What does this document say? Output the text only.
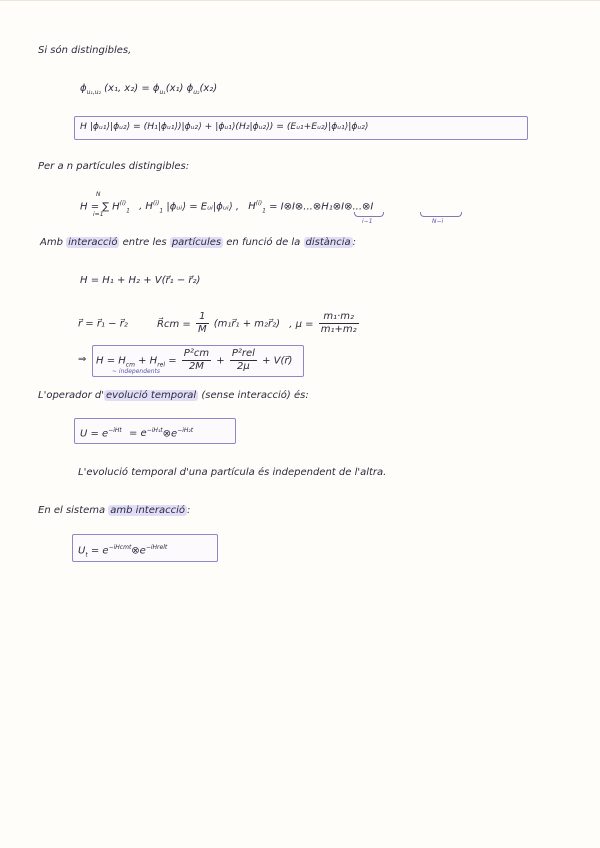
Si són distingibles,
$\phi_{u_1,u_2}$ (x₁, $x_2) = \phi_{u_1}(x_1)$ $\phi_{u_2}(x_2)$
H |ϕᵤ₁⟩|ϕᵤ₂⟩ = (H₁|ϕᵤ₁⟩)|ϕᵤ₂⟩ + |ϕᵤ₁⟩(H₂|ϕᵤ₂⟩) = (Eᵤ₁+Eᵤ₂)|ϕᵤ₁⟩|ϕᵤ₂⟩
Per a n partícules distingibles:
H = ∑ $H^{(i)}_1$ , $H^{(i)}_1$ |ϕᵤᵢ⟩ = Eᵤᵢ|ϕᵤᵢ⟩ , $H^{(i)}_1$ = I⊗I⊗...⊗H₁⊗I⊗...⊗I
N
i=1
i−1	N−i
Amb interacció entre les partícules en funció de la distància :
H = H₁ + H₂ + V(r⃗₁ − r⃗₂)
r⃗ = r⃗₁ − r⃗₂	R⃗cm = $\frac{1}{M}$ (m₁r⃗₁ + m₂r⃗₂) , $\mu = \frac{\text{m₁·m₂}}{\text{m₁+m₂}}$
⇒ $H = H_{cm} + H_{rel} = \frac{\text{P²cm}}{2M} + \frac{\text{P²rel}}{2\mu}$ + V(r⃗)
~ independents
L'operador d' evolució temporal (sense interacció) és:
$U = e^{-iHt}$ = $e^{-iH_1t}\otimes e^{-iH_2t}$
L'evolució temporal d'una partícula és independent de l'altra.
En el sistema amb interacció :
$U_t$ = $e^{-iHcmt}\otimes e^{-iHrelt}$
